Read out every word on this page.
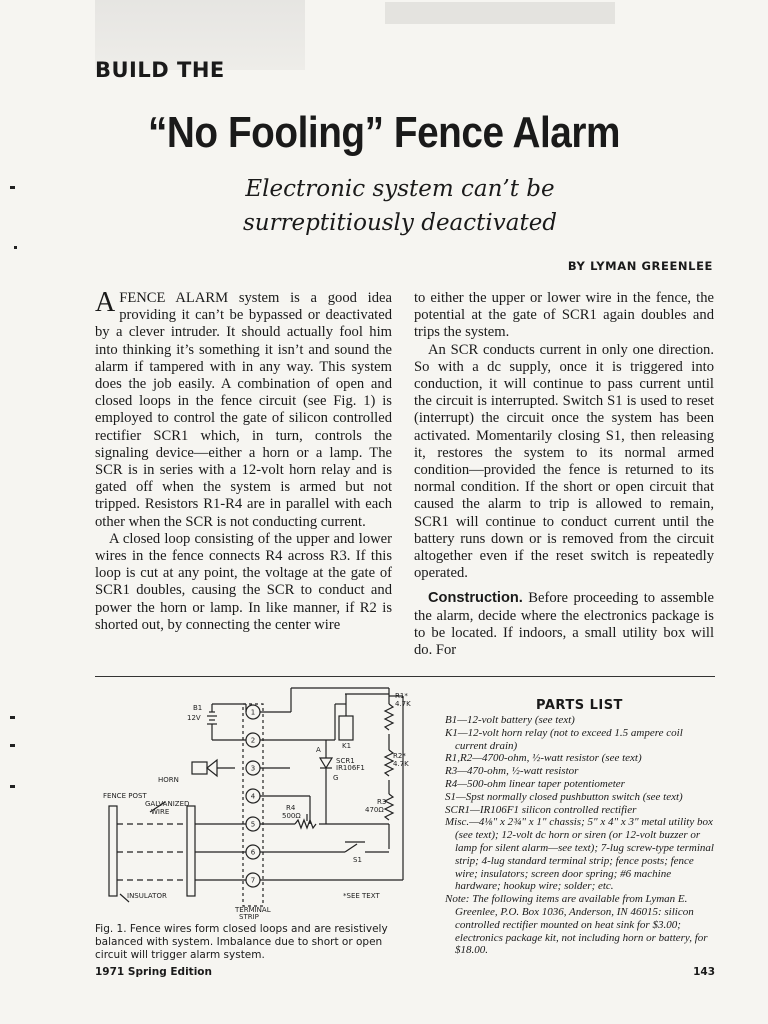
BUILD THE
“No Fooling” Fence Alarm
Electronic system can’t be
surreptitiously deactivated
BY LYMAN GREENLEE

AFENCE ALARM system is a good idea providing it can’t be bypassed or deactivated by a clever intruder. It should actually fool him into thinking it’s something it isn’t and sound the alarm if tampered with in any way. This system does the job easily. A combination of open and closed loops in the fence circuit (see Fig. 1) is employed to control the gate of silicon controlled rectifier SCR1 which, in turn, controls the signaling device—either a horn or a lamp. The SCR is in series with a 12-volt horn relay and is gated off when the system is armed but not tripped. Resistors R1-R4 are in parallel with each other when the SCR is not conducting current.

A closed loop consisting of the upper and lower wires in the fence connects R4 across R3. If this loop is cut at any point, the voltage at the gate of SCR1 doubles, causing the SCR to conduct and power the horn or lamp. In like manner, if R2 is shorted out, by connecting the center wire

to either the upper or lower wire in the fence, the potential at the gate of SCR1 again doubles and trips the system.

An SCR conducts current in only one direction. So with a dc supply, once it is triggered into conduction, it will continue to pass current until the circuit is interrupted. Switch S1 is used to reset (interrupt) the circuit once the system has been activated. Momentarily closing S1, then releasing it, restores the system to its normal armed condition—provided the fence is returned to its normal condition. If the short or open circuit that caused the alarm to trip is allowed to remain, SCR1 will continue to conduct current until the battery runs down or is removed from the circuit altogether even if the reset switch is repeatedly operated.

Construction. Before proceeding to assemble the alarm, decide where the electronics package is to be located. If indoors, a small utility box will do. For

B1
12V
HORN
FENCE POST
GALVANIZED
WIRE
INSULATOR
TERMINAL
STRIP
R1*
4.7K
R2*
4.7K
R3
470Ω
R4
500Ω
K1
SCR1
IR106F1
A
G
S1
*SEE TEXT
1
2
3
4
5
6
7
Fig. 1. Fence wires form closed loops and are resistively balanced with system. Imbalance due to short or open circuit will trigger alarm system.
PARTS LIST
B1—12-volt battery (see text)
K1—12-volt horn relay (not to exceed 1.5 ampere coil current drain)
R1,R2—4700-ohm, ½-watt resistor (see text)
R3—470-ohm, ½-watt resistor
R4—500-ohm linear taper potentiometer
S1—Spst normally closed pushbutton switch (see text)
SCR1—IR106F1 silicon controlled rectifier
Misc.—4⅛" x 2¾" x 1" chassis; 5" x 4" x 3" metal utility box (see text); 12-volt dc horn or siren (or 12-volt buzzer or lamp for silent alarm—see text); 7-lug screw-type terminal strip; 4-lug standard terminal strip; fence posts; fence wire; insulators; screen door spring; #6 machine hardware; hookup wire; solder; etc.
Note: The following items are available from Lyman E. Greenlee, P.O. Box 1036, Anderson, IN 46015: silicon controlled rectifier mounted on heat sink for $3.00; electronics package kit, not including horn or battery, for $18.00.
1971 Spring Edition	143
